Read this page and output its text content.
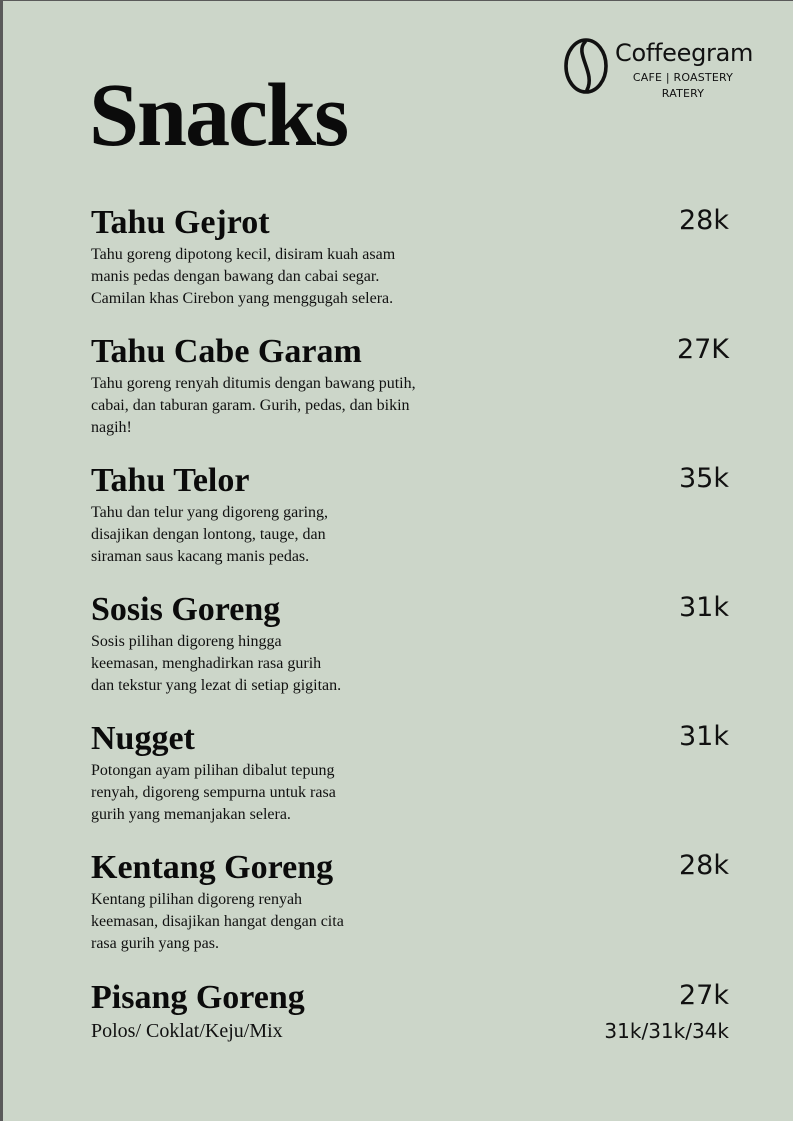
Coffeegram
CAFE | ROASTERY RATERY
Snacks
Tahu Gejrot	28k

Tahu goreng dipotong kecil, disiram kuah asam
manis pedas dengan bawang dan cabai segar.
Camilan khas Cirebon yang menggugah selera.

Tahu Cabe Garam	27K

Tahu goreng renyah ditumis dengan bawang putih,
cabai, dan taburan garam. Gurih, pedas, dan bikin
nagih!

Tahu Telor	35k

Tahu dan telur yang digoreng garing,
disajikan dengan lontong, tauge, dan
siraman saus kacang manis pedas.

Sosis Goreng	31k

Sosis pilihan digoreng hingga
keemasan, menghadirkan rasa gurih
dan tekstur yang lezat di setiap gigitan.

Nugget	31k

Potongan ayam pilihan dibalut tepung
renyah, digoreng sempurna untuk rasa
gurih yang memanjakan selera.

Kentang Goreng	28k

Kentang pilihan digoreng renyah
keemasan, disajikan hangat dengan cita
rasa gurih yang pas.

Pisang Goreng	27k
Polos/ Coklat/Keju/Mix	31k/31k/34k
